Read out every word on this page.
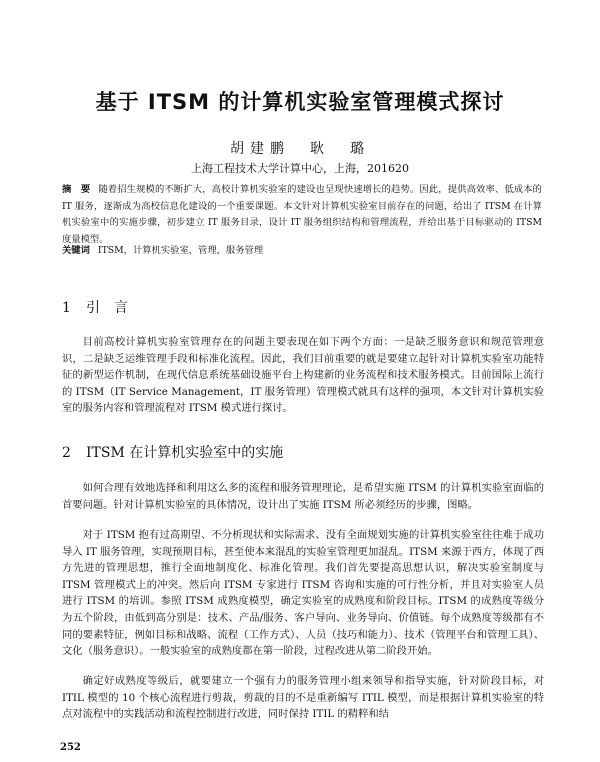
基于 ITSM 的计算机实验室管理模式探讨
胡建鹏　耿　璐
上海工程技术大学计算中心，上海，201620
摘　要 随着招生规模的不断扩大，高校计算机实验室的建设也呈现快速增长的趋势。因此，提供高效率、低成本的 IT 服务，逐渐成为高校信息化建设的一个重要课题。本文针对计算机实验室目前存在的问题，给出了 ITSM 在计算机实验室中的实施步骤，初步建立 IT 服务目录，设计 IT 服务组织结构和管理流程，并给出基于目标驱动的 ITSM 度量模型。
关键词 ITSM，计算机实验室，管理，服务管理
1 引　言

目前高校计算机实验室管理存在的问题主要表现在如下两个方面：一是缺乏服务意识和规范管理意识，二是缺乏运维管理手段和标准化流程。因此，我们目前重要的就是要建立起针对计算机实验室功能特征的新型运作机制，在现代信息系统基础设施平台上构建新的业务流程和技术服务模式。目前国际上流行的 ITSM（IT Service Management，IT 服务管理）管理模式就具有这样的强项，本文针对计算机实验室的服务内容和管理流程对 ITSM 模式进行探讨。

2 ITSM 在计算机实验室中的实施

如何合理有效地选择和利用这么多的流程和服务管理理论，是希望实施 ITSM 的计算机实验室面临的首要问题。针对计算机实验室的具体情况，设计出了实施 ITSM 所必须经历的步骤，图略。

对于 ITSM 抱有过高期望、不分析现状和实际需求、没有全面规划实施的计算机实验室往往难于成功导入 IT 服务管理，实现预期目标，甚至使本来混乱的实验室管理更加混乱。ITSM 来源于西方，体现了西方先进的管理思想，推行全面地制度化、标准化管理。我们首先要提高思想认识，解决实验室制度与 ITSM 管理模式上的冲突。然后向 ITSM 专家进行 ITSM 咨询和实施的可行性分析，并且对实验室人员进行 ITSM 的培训。参照 ITSM 成熟度模型，确定实验室的成熟度和阶段目标。ITSM 的成熟度等级分为五个阶段，由低到高分别是：技术、产品/服务、客户导向、业务导向、价值链。每个成熟度等级都有不同的要素特征，例如目标和战略、流程（工作方式）、人员（技巧和能力）、技术（管理平台和管理工具）、文化（服务意识）。一般实验室的成熟度都在第一阶段，过程改进从第二阶段开始。

确定好成熟度等级后，就要建立一个强有力的服务管理小组来领导和指导实施，针对阶段目标，对 ITIL 模型的 10 个核心流程进行剪裁，剪裁的目的不是重新编写 ITIL 模型，而是根据计算机实验室的特点对流程中的实践活动和流程控制进行改进，同时保持 ITIL 的精粹和结

252
